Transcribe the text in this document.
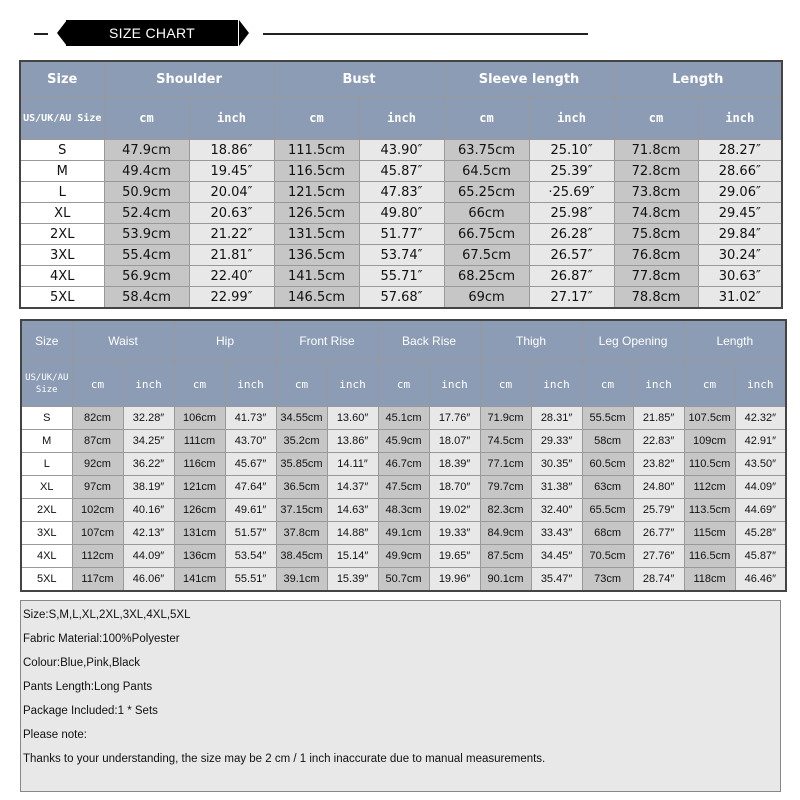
SIZE CHART
Size	Shoulder		Bust		Sleeve length		Length	
US/UK/AU Size	cm	inch	cm	inch	cm	inch	cm	inch
S	47.9cm	18.86″	111.5cm	43.90″	63.75cm	25.10″	71.8cm	28.27″
M	49.4cm	19.45″	116.5cm	45.87″	64.5cm	25.39″	72.8cm	28.66″
L	50.9cm	20.04″	121.5cm	47.83″	65.25cm	·25.69″	73.8cm	29.06″
XL	52.4cm	20.63″	126.5cm	49.80″	66cm	25.98″	74.8cm	29.45″
2XL	53.9cm	21.22″	131.5cm	51.77″	66.75cm	26.28″	75.8cm	29.84″
3XL	55.4cm	21.81″	136.5cm	53.74″	67.5cm	26.57″	76.8cm	30.24″
4XL	56.9cm	22.40″	141.5cm	55.71″	68.25cm	26.87″	77.8cm	30.63″
5XL	58.4cm	22.99″	146.5cm	57.68″	69cm	27.17″	78.8cm	31.02″
Size	Waist		Hip		Front Rise		Back Rise		Thigh		Leg Opening		Length	
US/UK/AU Size	cm	inch	cm	inch	cm	inch	cm	inch	cm	inch	cm	inch	cm	inch
S	82cm	32.28″	106cm	41.73″	34.55cm	13.60″	45.1cm	17.76″	71.9cm	28.31″	55.5cm	21.85″	107.5cm	42.32″
M	87cm	34.25″	111cm	43.70″	35.2cm	13.86″	45.9cm	18.07″	74.5cm	29.33″	58cm	22.83″	109cm	42.91″
L	92cm	36.22″	116cm	45.67″	35.85cm	14.11″	46.7cm	18.39″	77.1cm	30.35″	60.5cm	23.82″	110.5cm	43.50″
XL	97cm	38.19″	121cm	47.64″	36.5cm	14.37″	47.5cm	18.70″	79.7cm	31.38″	63cm	24.80″	112cm	44.09″
2XL	102cm	40.16″	126cm	49.61″	37.15cm	14.63″	48.3cm	19.02″	82.3cm	32.40″	65.5cm	25.79″	113.5cm	44.69″
3XL	107cm	42.13″	131cm	51.57″	37.8cm	14.88″	49.1cm	19.33″	84.9cm	33.43″	68cm	26.77″	115cm	45.28″
4XL	112cm	44.09″	136cm	53.54″	38.45cm	15.14″	49.9cm	19.65″	87.5cm	34.45″	70.5cm	27.76″	116.5cm	45.87″
5XL	117cm	46.06″	141cm	55.51″	39.1cm	15.39″	50.7cm	19.96″	90.1cm	35.47″	73cm	28.74″	118cm	46.46″
Size:S,M,L,XL,2XL,3XL,4XL,5XL
Fabric Material:100%Polyester
Colour:Blue,Pink,Black
Pants Length:Long Pants
Package Included:1 * Sets
Please note:
Thanks to your understanding, the size may be 2 cm / 1 inch inaccurate due to manual measurements.
